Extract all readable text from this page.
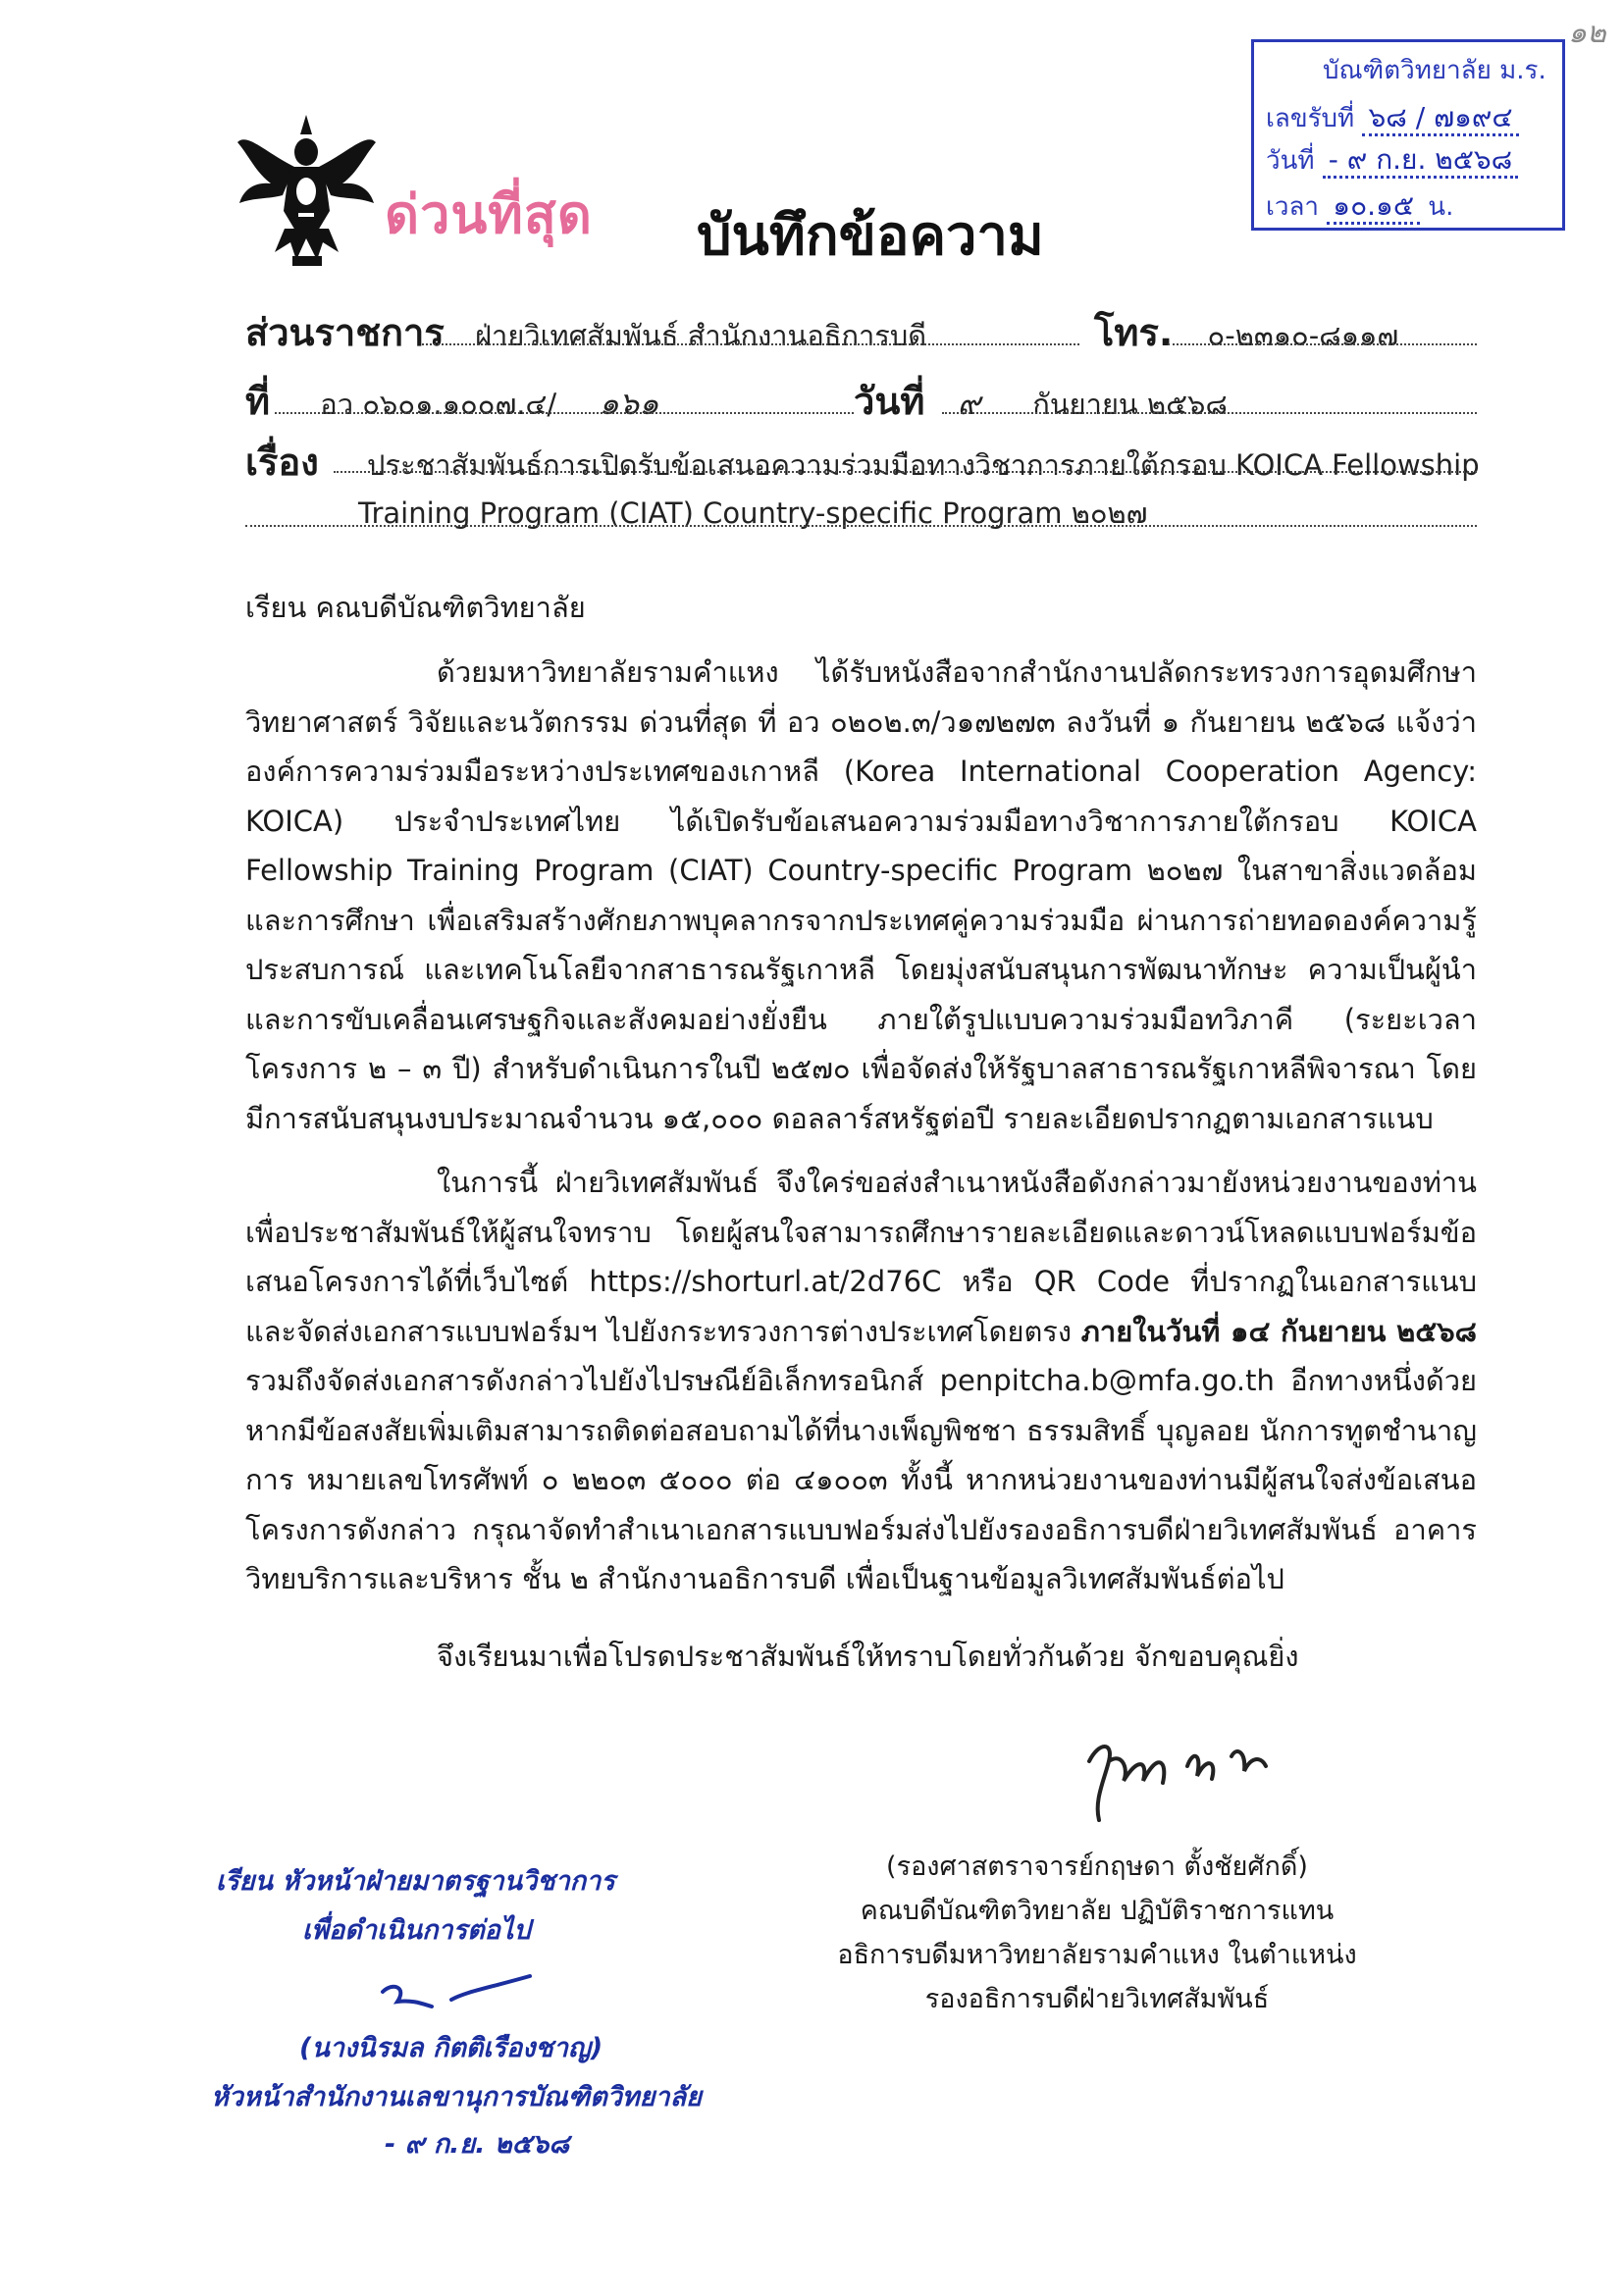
ด่วนที่สุด บันทึกข้อความ
๑๒
บัณฑิตวิทยาลัย ม.ร.
เลขรับที่ ๖๘ / ๗๑๙๔
วันที่ - ๙ ก.ย. ๒๕๖๘
เวลา ๑๐.๑๕ น.
ส่วนราชการ ฝ่ายวิเทศสัมพันธ์ สำนักงานอธิการบดี	โทร. ๐-๒๓๑๐-๘๑๑๗
ที่ อว ๐๖๐๑.๑๐๐๗.๔/ ๑๖๑	วันที่ ๙ กันยายน ๒๕๖๘
เรื่อง ประชาสัมพันธ์การเปิดรับข้อเสนอความร่วมมือทางวิชาการภายใต้กรอบ KOICA Fellowship
Training Program (CIAT) Country-specific Program ๒๐๒๗
เรียน คณบดีบัณฑิตวิทยาลัย

ด้วยมหาวิทยาลัยรามคำแหง ได้รับหนังสือจากสำนักงานปลัดกระทรวงการอุดมศึกษา วิทยาศาสตร์ วิจัยและนวัตกรรม ด่วนที่สุด ที่ อว ๐๒๐๒.๓/ว๑๗๒๗๓ ลงวันที่ ๑ กันยายน ๒๕๖๘ แจ้งว่า องค์การความร่วมมือระหว่างประเทศของเกาหลี (Korea International Cooperation Agency: KOICA) ประจำประเทศไทย ได้เปิดรับข้อเสนอความร่วมมือทางวิชาการภายใต้กรอบ KOICA Fellowship Training Program (CIAT) Country-specific Program ๒๐๒๗ ในสาขาสิ่งแวดล้อมและการศึกษา เพื่อเสริมสร้างศักยภาพบุคลากรจากประเทศคู่ความร่วมมือ ผ่านการถ่ายทอดองค์ความรู้ ประสบการณ์ และเทคโนโลยีจากสาธารณรัฐเกาหลี โดยมุ่งสนับสนุนการพัฒนาทักษะ ความเป็นผู้นำ และการขับเคลื่อนเศรษฐกิจและสังคมอย่างยั่งยืน ภายใต้รูปแบบความร่วมมือทวิภาคี (ระยะเวลาโครงการ ๒ – ๓ ปี) สำหรับดำเนินการในปี ๒๕๗๐ เพื่อจัดส่งให้รัฐบาลสาธารณรัฐเกาหลีพิจารณา โดยมีการสนับสนุนงบประมาณจำนวน ๑๕,๐๐๐ ดอลลาร์สหรัฐต่อปี รายละเอียดปรากฏตามเอกสารแนบ

ในการนี้ ฝ่ายวิเทศสัมพันธ์ จึงใคร่ขอส่งสำเนาหนังสือดังกล่าวมายังหน่วยงานของท่าน เพื่อประชาสัมพันธ์ให้ผู้สนใจทราบ โดยผู้สนใจสามารถศึกษารายละเอียดและดาวน์โหลดแบบฟอร์มข้อเสนอโครงการได้ที่เว็บไซต์ https://shorturl.at/2d76C หรือ QR Code ที่ปรากฏในเอกสารแนบ และจัดส่งเอกสารแบบฟอร์มฯ ไปยังกระทรวงการต่างประเทศโดยตรง ภายในวันที่ ๑๔ กันยายน ๒๕๖๘ รวมถึงจัดส่งเอกสารดังกล่าวไปยังไปรษณีย์อิเล็กทรอนิกส์ penpitcha.b@mfa.go.th อีกทางหนึ่งด้วย หากมีข้อสงสัยเพิ่มเติมสามารถติดต่อสอบถามได้ที่นางเพ็ญพิชชา ธรรมสิทธิ์ บุญลอย นักการทูตชำนาญการ หมายเลขโทรศัพท์ ๐ ๒๒๐๓ ๕๐๐๐ ต่อ ๔๑๐๐๓ ทั้งนี้ หากหน่วยงานของท่านมีผู้สนใจส่งข้อเสนอโครงการดังกล่าว กรุณาจัดทำสำเนาเอกสารแบบฟอร์มส่งไปยังรองอธิการบดีฝ่ายวิเทศสัมพันธ์ อาคารวิทยบริการและบริหาร ชั้น ๒ สำนักงานอธิการบดี เพื่อเป็นฐานข้อมูลวิเทศสัมพันธ์ต่อไป

จึงเรียนมาเพื่อโปรดประชาสัมพันธ์ให้ทราบโดยทั่วกันด้วย จักขอบคุณยิ่ง
(รองศาสตราจารย์กฤษดา ตั้งชัยศักดิ์)
คณบดีบัณฑิตวิทยาลัย ปฏิบัติราชการแทน
อธิการบดีมหาวิทยาลัยรามคำแหง ในตำแหน่ง
รองอธิการบดีฝ่ายวิเทศสัมพันธ์
เรียน หัวหน้าฝ่ายมาตรฐานวิชาการ
เพื่อดำเนินการต่อไป
(นางนิรมล กิตติเรืองชาญ)
หัวหน้าสำนักงานเลขานุการบัณฑิตวิทยาลัย
- ๙ ก.ย. ๒๕๖๘
